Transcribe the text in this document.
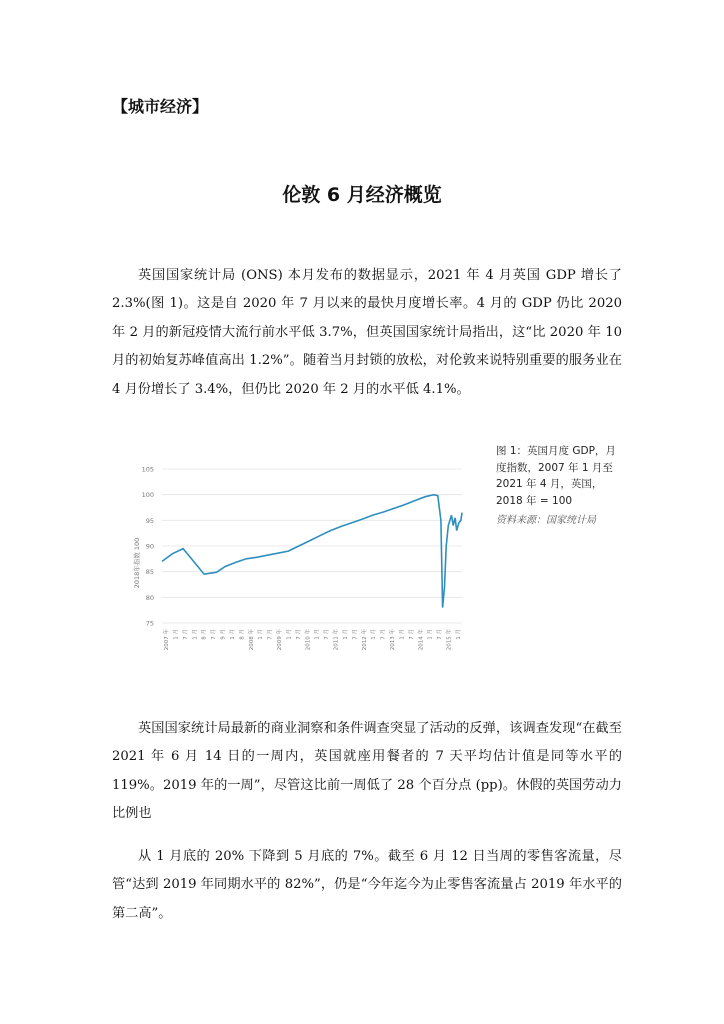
【城市经济】
伦敦 6 月经济概览

英国国家统计局 (ONS) 本月发布的数据显示，2021 年 4 月英国 GDP 增长了 2.3%(图 1)。这是自 2020 年 7 月以来的最快月度增长率。4 月的 GDP 仍比 2020 年 2 月的新冠疫情大流行前水平低 3.7%，但英国国家统计局指出，这“比 2020 年 10 月的初始复苏峰值高出 1.2%”。随着当月封锁的放松，对伦敦来说特别重要的服务业在 4 月份增长了 3.4%，但仍比 2020 年 2 月的水平低 4.1%。

75
80
85
90
95
100
105
2018年指数 100
2007 年 1 月 7 月 1 月 8 月 7 月 9 月 1 月 8 月 2008 年 1 月 7 月 2009 年 1 月 7 月 2010 年 1 月 7 月 2011 年 1 月 7 月 2012 年 1 月 7 月 2013 年 1 月 7 月 2014 年 1 月 7 月 2015 年 1 月
图 1：英国月度 GDP，月度指数，2007 年 1 月至 2021 年 4 月，英国，2018 年 = 100
资料来源：国家统计局

英国国家统计局最新的商业洞察和条件调查突显了活动的反弹，该调查发现“在截至 2021 年 6 月 14 日的一周内，英国就座用餐者的 7 天平均估计值是同等水平的 119%。2019 年的一周”，尽管这比前一周低了 28 个百分点 (pp)。休假的英国劳动力比例也

从 1 月底的 20% 下降到 5 月底的 7%。截至 6 月 12 日当周的零售客流量，尽管“达到 2019 年同期水平的 82%”，仍是“今年迄今为止零售客流量占 2019 年水平的第二高”。
